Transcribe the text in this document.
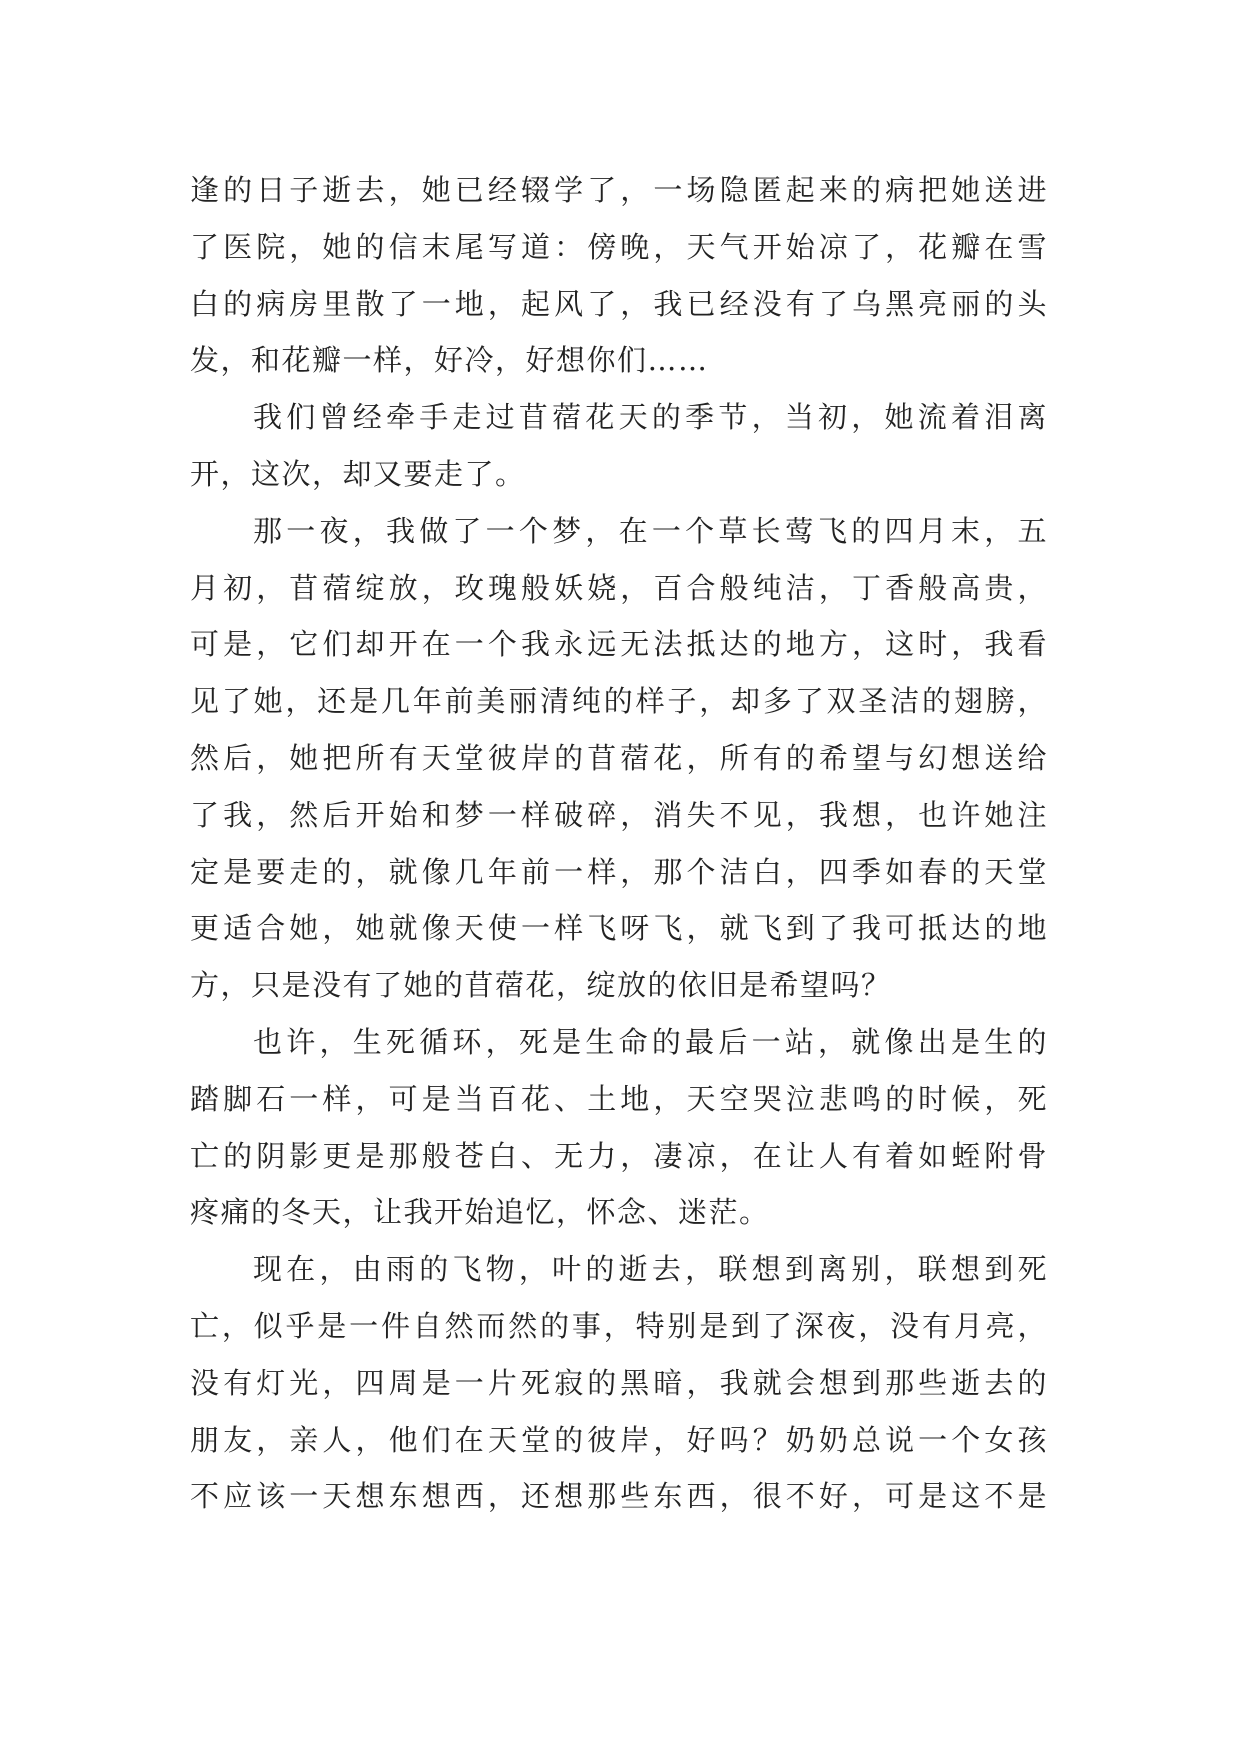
逢的日子逝去，她已经辍学了，一场隐匿起来的病把她送进
了医院，她的信末尾写道：傍晚，天气开始凉了，花瓣在雪
白的病房里散了一地，起风了，我已经没有了乌黑亮丽的头
发，和花瓣一样，好冷，好想你们……
我们曾经牵手走过苜蓿花天的季节，当初，她流着泪离
开，这次，却又要走了。
那一夜，我做了一个梦，在一个草长莺飞的四月末，五
月初，苜蓿绽放，玫瑰般妖娆，百合般纯洁，丁香般高贵，
可是，它们却开在一个我永远无法抵达的地方，这时，我看
见了她，还是几年前美丽清纯的样子，却多了双圣洁的翅膀，
然后，她把所有天堂彼岸的苜蓿花，所有的希望与幻想送给
了我，然后开始和梦一样破碎，消失不见，我想，也许她注
定是要走的，就像几年前一样，那个洁白，四季如春的天堂
更适合她，她就像天使一样飞呀飞，就飞到了我可抵达的地
方，只是没有了她的苜蓿花，绽放的依旧是希望吗？
也许，生死循环，死是生命的最后一站，就像出是生的
踏脚石一样，可是当百花、土地，天空哭泣悲鸣的时候，死
亡的阴影更是那般苍白、无力，凄凉，在让人有着如蛭附骨
疼痛的冬天，让我开始追忆，怀念、迷茫。
现在，由雨的飞物，叶的逝去，联想到离别，联想到死
亡，似乎是一件自然而然的事，特别是到了深夜，没有月亮，
没有灯光，四周是一片死寂的黑暗，我就会想到那些逝去的
朋友，亲人，他们在天堂的彼岸，好吗？奶奶总说一个女孩
不应该一天想东想西，还想那些东西，很不好，可是这不是
